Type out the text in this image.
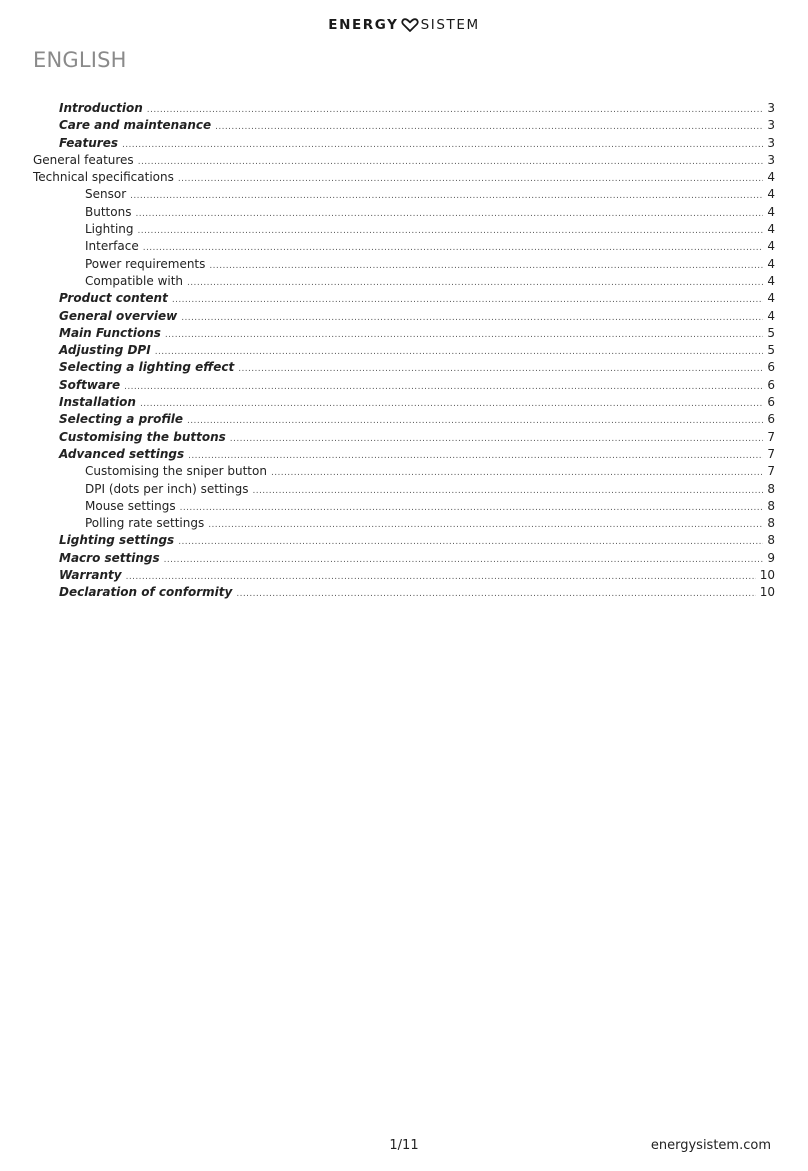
ENERGY SISTEM
ENGLISH
Introduction .....	3
Care and maintenance .....	3
Features .....	3
General features .....	3
Technical specifications .....	4
Sensor .....	4
Buttons .....	4
Lighting .....	4
Interface .....	4
Power requirements .....	4
Compatible with .....	4
Product content .....	4
General overview .....	4
Main Functions .....	5
Adjusting DPI .....	5
Selecting a lighting effect .....	6
Software .....	6
Installation .....	6
Selecting a profile .....	6
Customising the buttons .....	7
Advanced settings .....	7
Customising the sniper button .....	7
DPI (dots per inch) settings .....	8
Mouse settings .....	8
Polling rate settings .....	8
Lighting settings .....	8
Macro settings .....	9
Warranty .....	10
Declaration of conformity .....	10
1/11	energysistem.com
